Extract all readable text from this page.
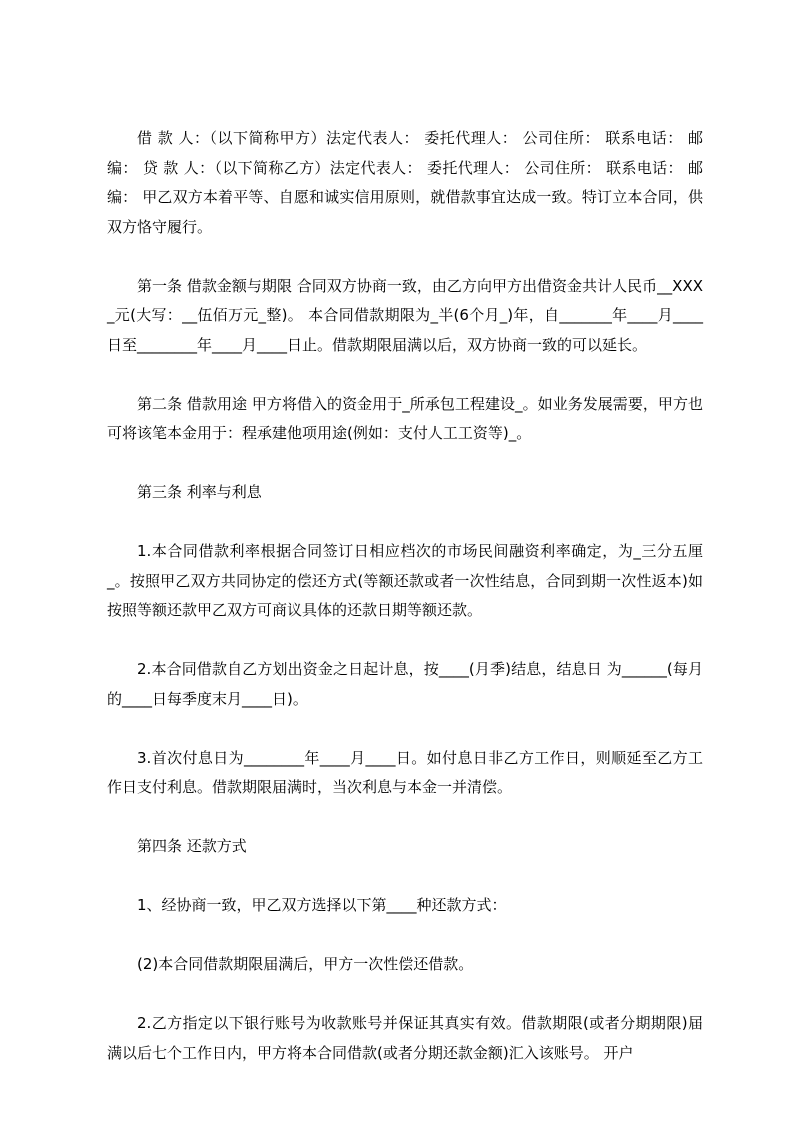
借 款 人：（以下简称甲方）法定代表人： 委托代理人： 公司住所： 联系电话： 邮 编： 贷 款 人：（以下简称乙方）法定代表人： 委托代理人： 公司住所： 联系电话： 邮 编： 甲乙双方本着平等、自愿和诚实信用原则，就借款事宜达成一致。特订立本合同，供双方恪守履行。

第一条 借款金额与期限 合同双方协商一致，由乙方向甲方出借资金共计人民币__XXX_元(大写：__伍佰万元_整)。 本合同借款期限为_半(6个月_)年，自_______年____月____日至________年____月____日止。借款期限届满以后，双方协商一致的可以延长。

第二条 借款用途 甲方将借入的资金用于_所承包工程建设_。如业务发展需要，甲方也可将该笔本金用于：程承建他项用途(例如：支付人工工资等)_。

第三条 利率与利息

1.本合同借款利率根据合同签订日相应档次的市场民间融资利率确定，为_三分五厘_。按照甲乙双方共同协定的偿还方式(等额还款或者一次性结息，合同到期一次性返本)如按照等额还款甲乙双方可商议具体的还款日期等额还款。

2.本合同借款自乙方划出资金之日起计息，按____(月季)结息，结息日 为______(每月的____日每季度末月____日)。

3.首次付息日为________年____月____日。如付息日非乙方工作日，则顺延至乙方工作日支付利息。借款期限届满时，当次利息与本金一并清偿。

第四条 还款方式

1、经协商一致，甲乙双方选择以下第____种还款方式：

(2)本合同借款期限届满后，甲方一次性偿还借款。

2.乙方指定以下银行账号为收款账号并保证其真实有效。借款期限(或者分期期限)届满以后七个工作日内，甲方将本合同借款(或者分期还款金额)汇入该账号。 开户
